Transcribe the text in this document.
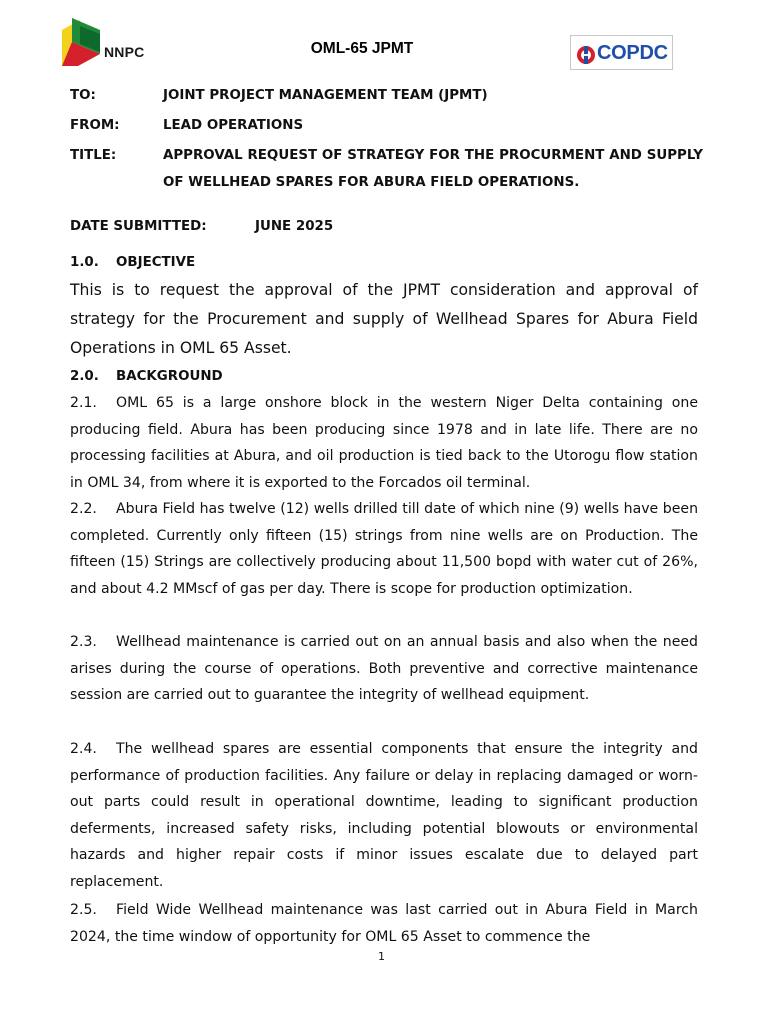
NNPC	OML-65 JPMT	COPDC
TO:	JOINT PROJECT MANAGEMENT TEAM (JPMT)
FROM:	LEAD OPERATIONS
TITLE:	APPROVAL REQUEST OF STRATEGY FOR THE PROCURMENT AND SUPPLY OF WELLHEAD SPARES FOR ABURA FIELD OPERATIONS.
DATE SUBMITTED:	JUNE 2025
1.0. OBJECTIVE

This is to request the approval of the JPMT consideration and approval of strategy for the Procurement and supply of Wellhead Spares for Abura Field Operations in OML 65 Asset.

2.0. BACKGROUND

2.1. OML 65 is a large onshore block in the western Niger Delta containing one producing field. Abura has been producing since 1978 and in late life. There are no processing facilities at Abura, and oil production is tied back to the Utorogu flow station in OML 34, from where it is exported to the Forcados oil terminal.

2.2. Abura Field has twelve (12) wells drilled till date of which nine (9) wells have been completed. Currently only fifteen (15) strings from nine wells are on Production. The fifteen (15) Strings are collectively producing about 11,500 bopd with water cut of 26%, and about 4.2 MMscf of gas per day. There is scope for production optimization.

2.3. Wellhead maintenance is carried out on an annual basis and also when the need arises during the course of operations. Both preventive and corrective maintenance session are carried out to guarantee the integrity of wellhead equipment.

2.4. The wellhead spares are essential components that ensure the integrity and performance of production facilities. Any failure or delay in replacing damaged or worn-out parts could result in operational downtime, leading to significant production deferments, increased safety risks, including potential blowouts or environmental hazards and higher repair costs if minor issues escalate due to delayed part replacement.

2.5. Field Wide Wellhead maintenance was last carried out in Abura Field in March 2024, the time window of opportunity for OML 65 Asset to commence the

1
